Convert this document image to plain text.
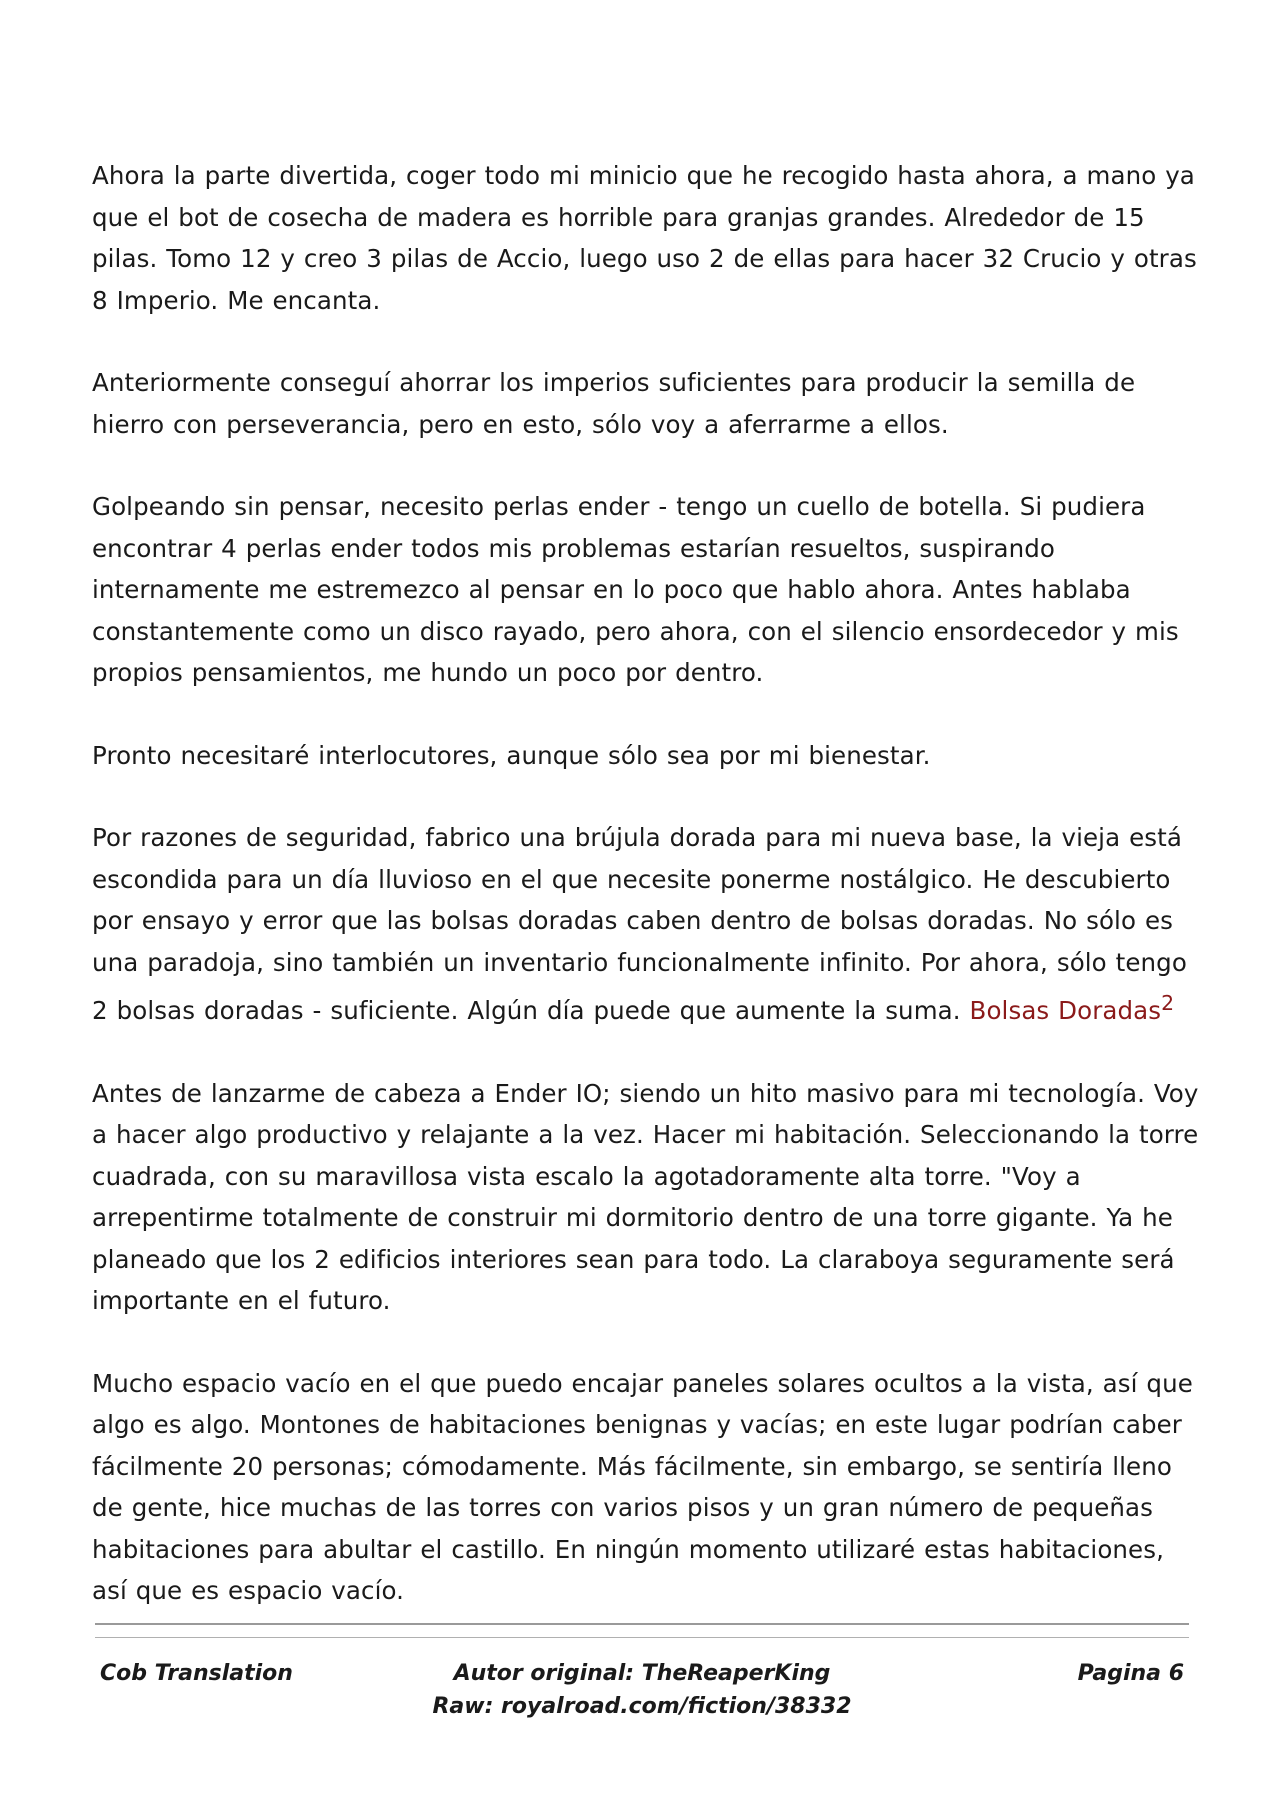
Ahora la parte divertida, coger todo mi minicio que he recogido hasta ahora, a mano ya que el bot de cosecha de madera es horrible para granjas grandes. Alrededor de 15 pilas. Tomo 12 y creo 3 pilas de Accio, luego uso 2 de ellas para hacer 32 Crucio y otras 8 Imperio. Me encanta.

Anteriormente conseguí ahorrar los imperios suficientes para producir la semilla de hierro con perseverancia, pero en esto, sólo voy a aferrarme a ellos.

Golpeando sin pensar, necesito perlas ender - tengo un cuello de botella. Si pudiera encontrar 4 perlas ender todos mis problemas estarían resueltos, suspirando internamente me estremezco al pensar en lo poco que hablo ahora. Antes hablaba constantemente como un disco rayado, pero ahora, con el silencio ensordecedor y mis propios pensamientos, me hundo un poco por dentro.

Pronto necesitaré interlocutores, aunque sólo sea por mi bienestar.

Por razones de seguridad, fabrico una brújula dorada para mi nueva base, la vieja está escondida para un día lluvioso en el que necesite ponerme nostálgico. He descubierto por ensayo y error que las bolsas doradas caben dentro de bolsas doradas. No sólo es una paradoja, sino también un inventario funcionalmente infinito. Por ahora, sólo tengo 2 bolsas doradas - suficiente. Algún día puede que aumente la suma. Bolsas Doradas$^2$

Antes de lanzarme de cabeza a Ender IO; siendo un hito masivo para mi tecnología. Voy a hacer algo productivo y relajante a la vez. Hacer mi habitación. Seleccionando la torre cuadrada, con su maravillosa vista escalo la agotadoramente alta torre. "Voy a arrepentirme totalmente de construir mi dormitorio dentro de una torre gigante. Ya he planeado que los 2 edificios interiores sean para todo. La claraboya seguramente será importante en el futuro.

Mucho espacio vacío en el que puedo encajar paneles solares ocultos a la vista, así que algo es algo. Montones de habitaciones benignas y vacías; en este lugar podrían caber fácilmente 20 personas; cómodamente. Más fácilmente, sin embargo, se sentiría lleno de gente, hice muchas de las torres con varios pisos y un gran número de pequeñas habitaciones para abultar el castillo. En ningún momento utilizaré estas habitaciones, así que es espacio vacío.

Cob Translation	Autor original: TheReaperKing
Raw: royalroad.com/fiction/38332
Pagina 6
